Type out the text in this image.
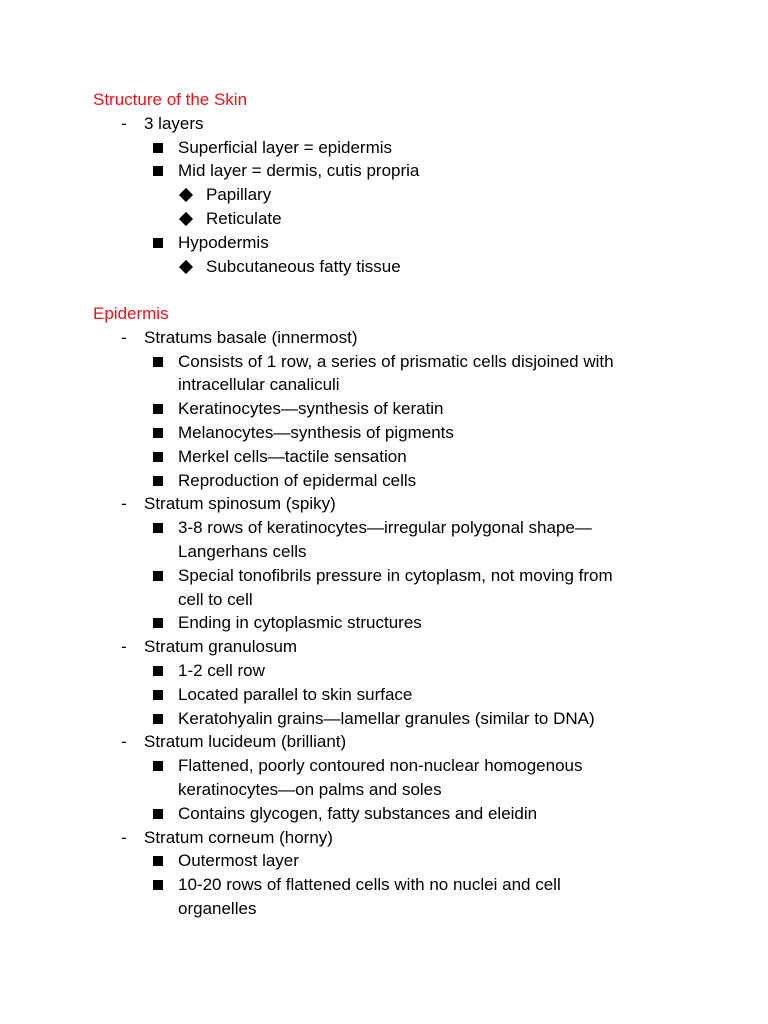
Structure of the Skin
- 3 layers
Superficial layer = epidermis
Mid layer = dermis, cutis propria
Papillary
Reticulate
Hypodermis
Subcutaneous fatty tissue
Epidermis
- Stratums basale (innermost)
Consists of 1 row, a series of prismatic cells disjoined with
intracellular canaliculi
Keratinocytes—synthesis of keratin
Melanocytes—synthesis of pigments
Merkel cells—tactile sensation
Reproduction of epidermal cells
- Stratum spinosum (spiky)
3-8 rows of keratinocytes—irregular polygonal shape—
Langerhans cells
Special tonofibrils pressure in cytoplasm, not moving from
cell to cell
Ending in cytoplasmic structures
- Stratum granulosum
1-2 cell row
Located parallel to skin surface
Keratohyalin grains—lamellar granules (similar to DNA)
- Stratum lucideum (brilliant)
Flattened, poorly contoured non-nuclear homogenous
keratinocytes—on palms and soles
Contains glycogen, fatty substances and eleidin
- Stratum corneum (horny)
Outermost layer
10-20 rows of flattened cells with no nuclei and cell
organelles
